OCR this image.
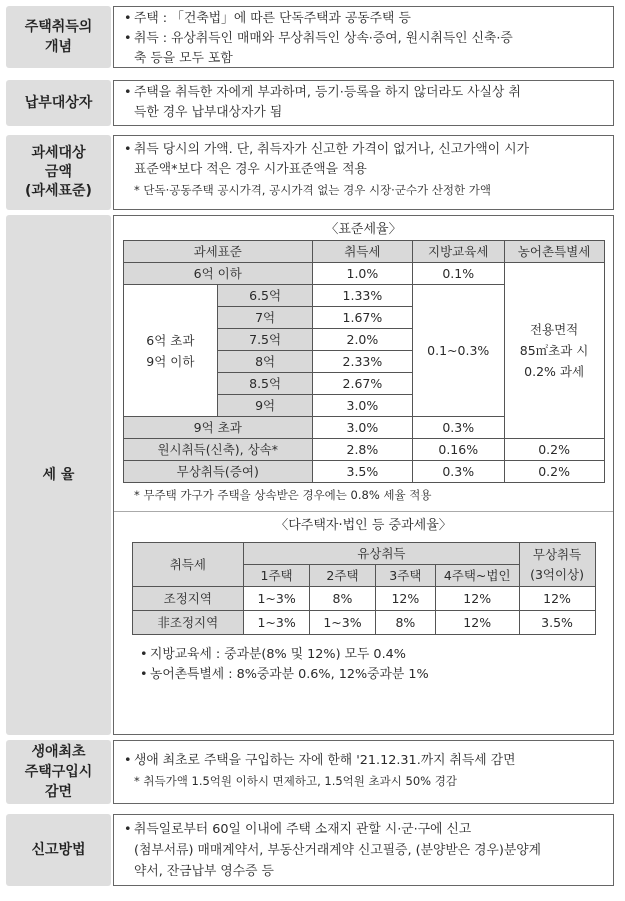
주택취득의
개념
• 주택 : 「건축법」에 따른 단독주택과 공동주택 등
• 취득 : 유상취득인 매매와 무상취득인 상속·증여, 원시취득인 신축·증
축 등을 모두 포함
납부대상자
• 주택을 취득한 자에게 부과하며, 등기·등록을 하지 않더라도 사실상 취
득한 경우 납부대상자가 됨
과세대상
금액
(과세표준)
• 취득 당시의 가액. 단, 취득자가 신고한 가격이 없거나, 신고가액이 시가
표준액*보다 적은 경우 시가표준액을 적용
* 단독·공동주택 공시가격, 공시가격 없는 경우 시장·군수가 산정한 가액
세 율
〈표준세율〉
과세표준		취득세	지방교육세	농어촌특별세
6억 이하		1.0%	0.1%	전용면적
85㎡초과 시
0.2% 과세
6억 초과
9억 이하	6.5억	1.33%	0.1~0.3%	
	7억	1.67%		
	7.5억	2.0%		
	8억	2.33%		
	8.5억	2.67%		
	9억	3.0%		
9억 초과		3.0%	0.3%	
원시취득(신축), 상속*		2.8%	0.16%	0.2%
무상취득(증여)		3.5%	0.3%	0.2%
* 무주택 가구가 주택을 상속받은 경우에는 0.8% 세율 적용
〈다주택자·법인 등 중과세율〉
취득세	유상취득				무상취득
(3억이상)
	1주택	2주택	3주택	4주택~법인	
조정지역	1~3%	8%	12%	12%	12%
非조정지역	1~3%	1~3%	8%	12%	3.5%
• 지방교육세 : 중과분(8% 및 12%) 모두 0.4%
• 농어촌특별세 : 8%중과분 0.6%, 12%중과분 1%
생애최초
주택구입시
감면
• 생애 최초로 주택을 구입하는 자에 한해 '21.12.31.까지 취득세 감면
* 취득가액 1.5억원 이하시 면제하고, 1.5억원 초과시 50% 경감
신고방법
• 취득일로부터 60일 이내에 주택 소재지 관할 시·군·구에 신고
(첨부서류) 매매계약서, 부동산거래계약 신고필증, (분양받은 경우)분양계
약서, 잔금납부 영수증 등
